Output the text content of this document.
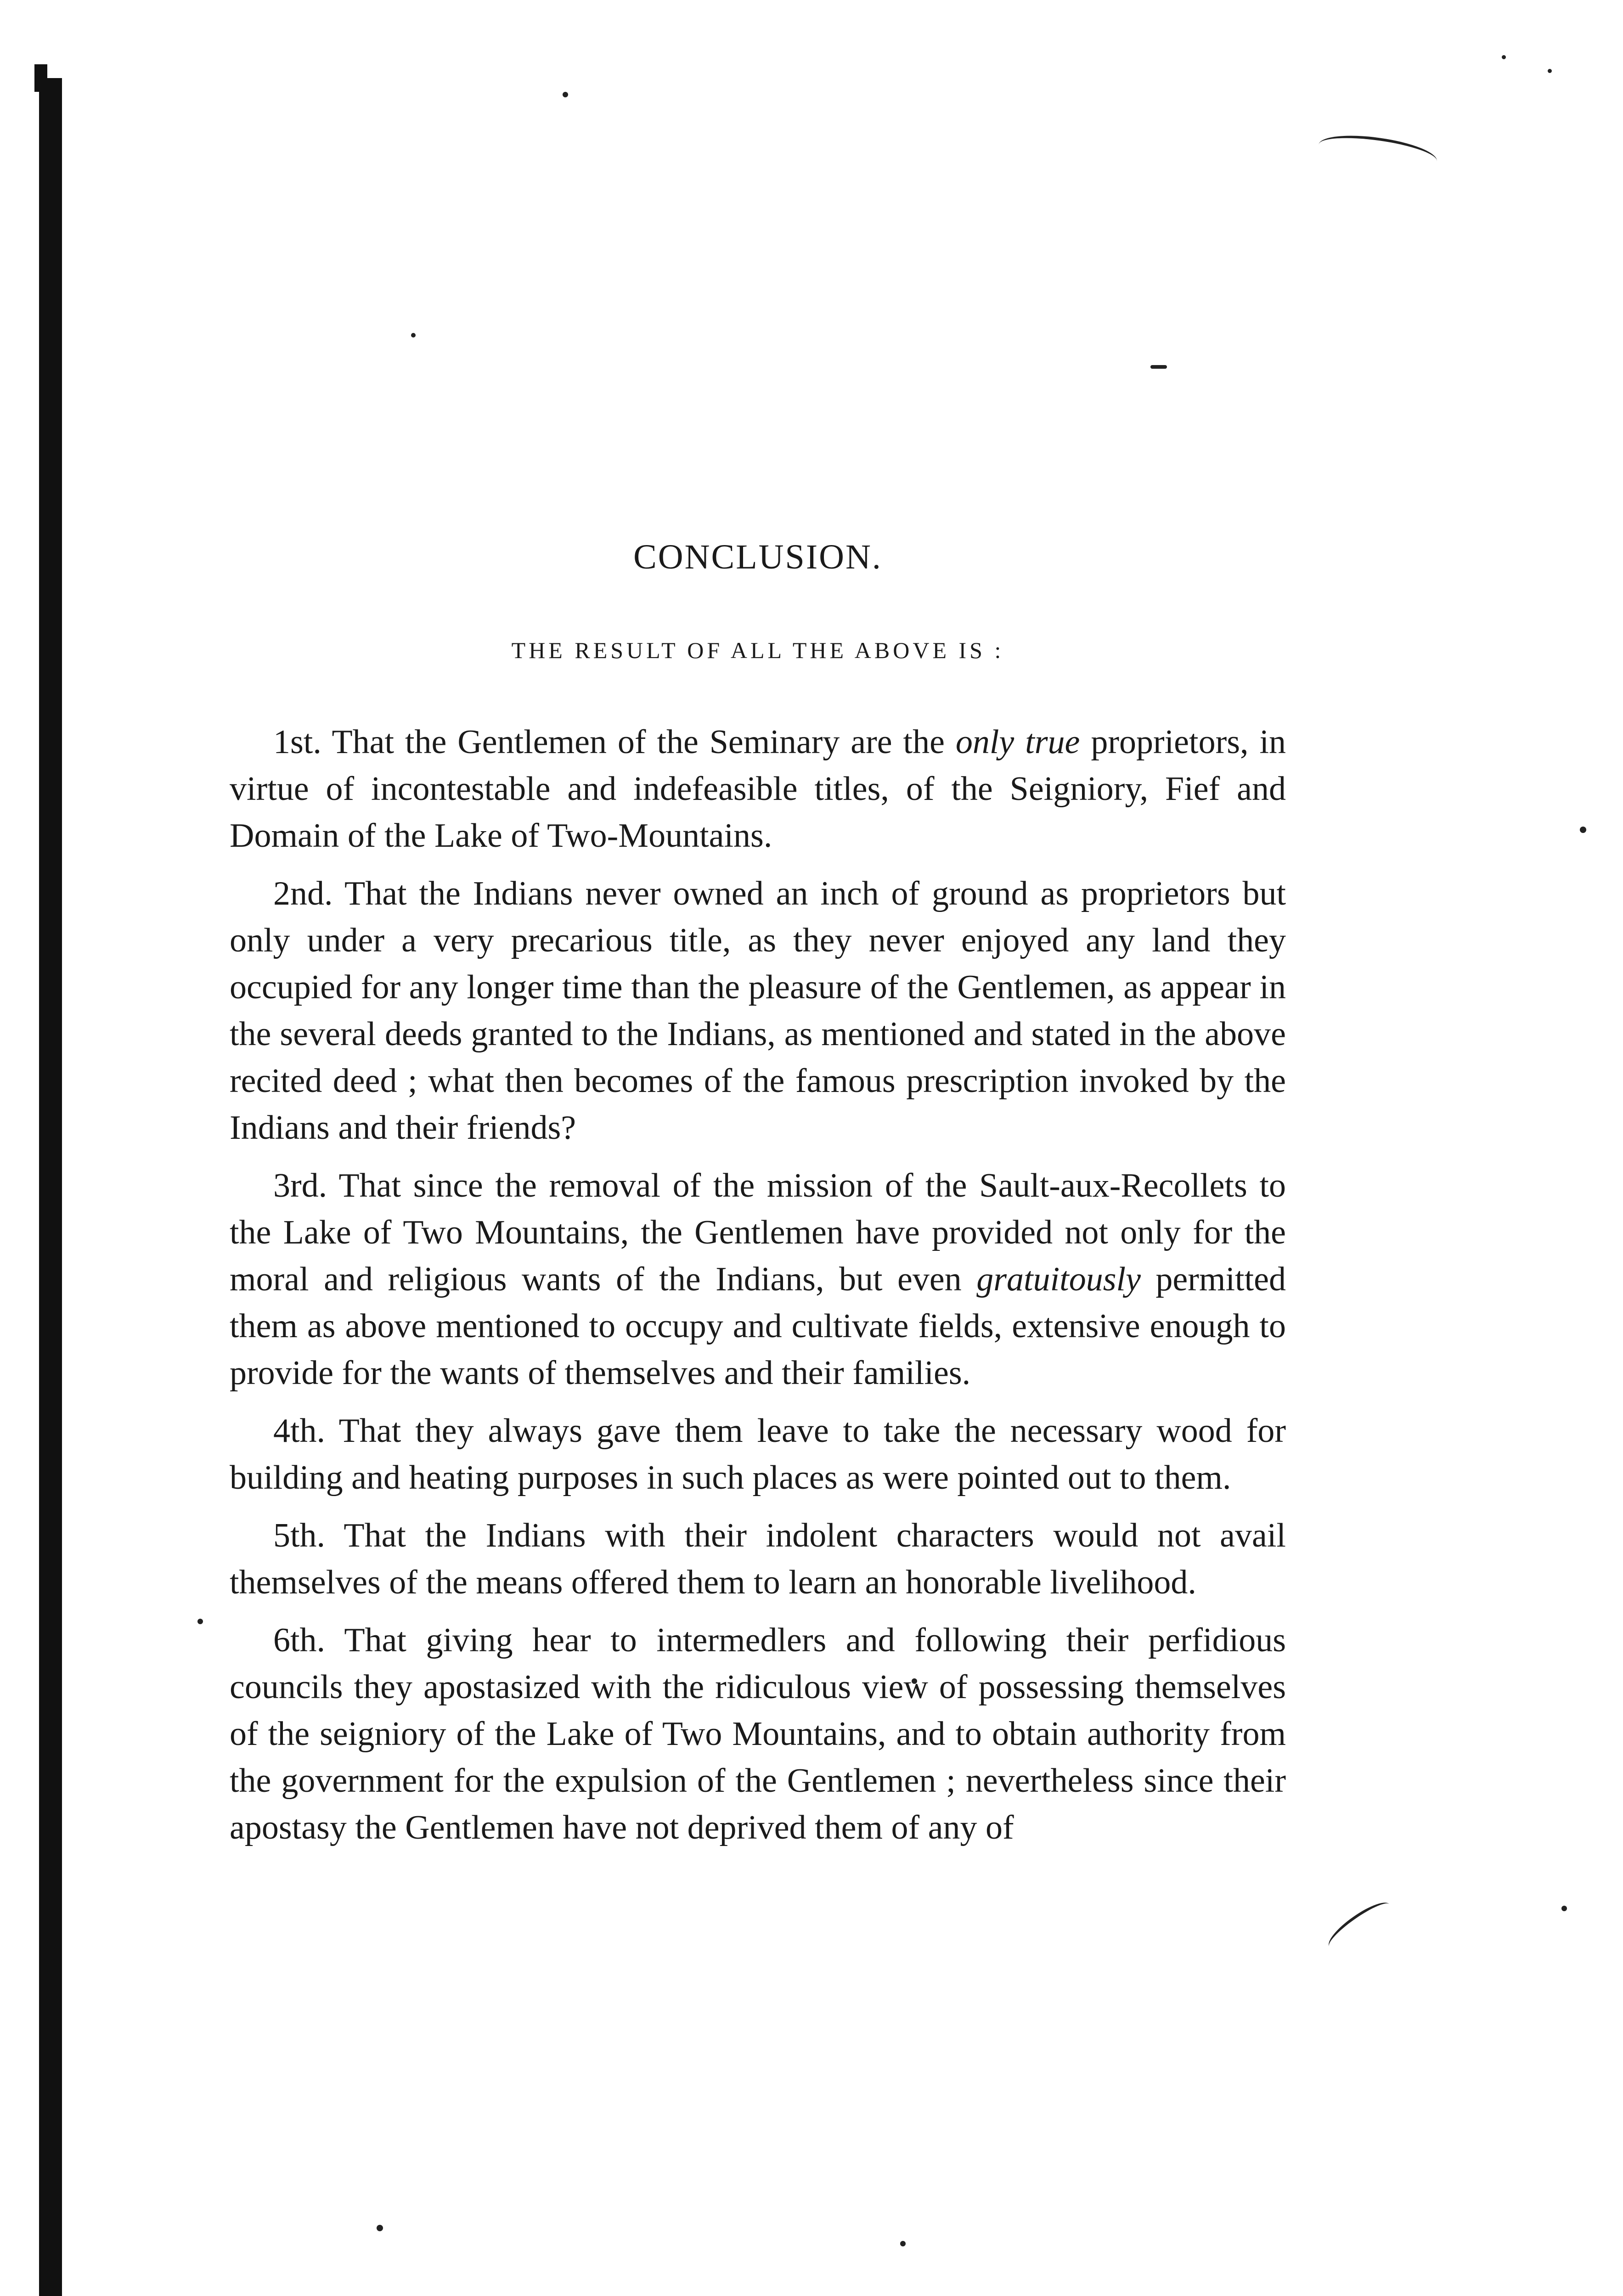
CONCLUSION.
THE RESULT OF ALL THE ABOVE IS :

1st. That the Gentlemen of the Seminary are the only true proprietors, in virtue of incontestable and indefeasible titles, of the Seigniory, Fief and Domain of the Lake of Two-Mountains.

2nd. That the Indians never owned an inch of ground as proprietors but only under a very precarious title, as they never enjoyed any land they occupied for any longer time than the pleasure of the Gentlemen, as appear in the several deeds granted to the Indians, as mentioned and stated in the above recited deed ; what then becomes of the famous prescription invoked by the Indians and their friends?

3rd. That since the removal of the mission of the Sault-aux-Recollets to the Lake of Two Mountains, the Gentlemen have provided not only for the moral and religious wants of the Indians, but even gratuitously permitted them as above mentioned to occupy and cultivate fields, extensive enough to provide for the wants of themselves and their families.

4th. That they always gave them leave to take the necessary wood for building and heating purposes in such places as were pointed out to them.

5th. That the Indians with their indolent characters would not avail themselves of the means offered them to learn an honorable livelihood.

6th. That giving hear to intermedlers and following their perfidious councils they apostasized with the ridiculous view of possessing themselves of the seigniory of the Lake of Two Mountains, and to obtain authority from the government for the expulsion of the Gentlemen ; nevertheless since their apostasy the Gentlemen have not deprived them of any of
